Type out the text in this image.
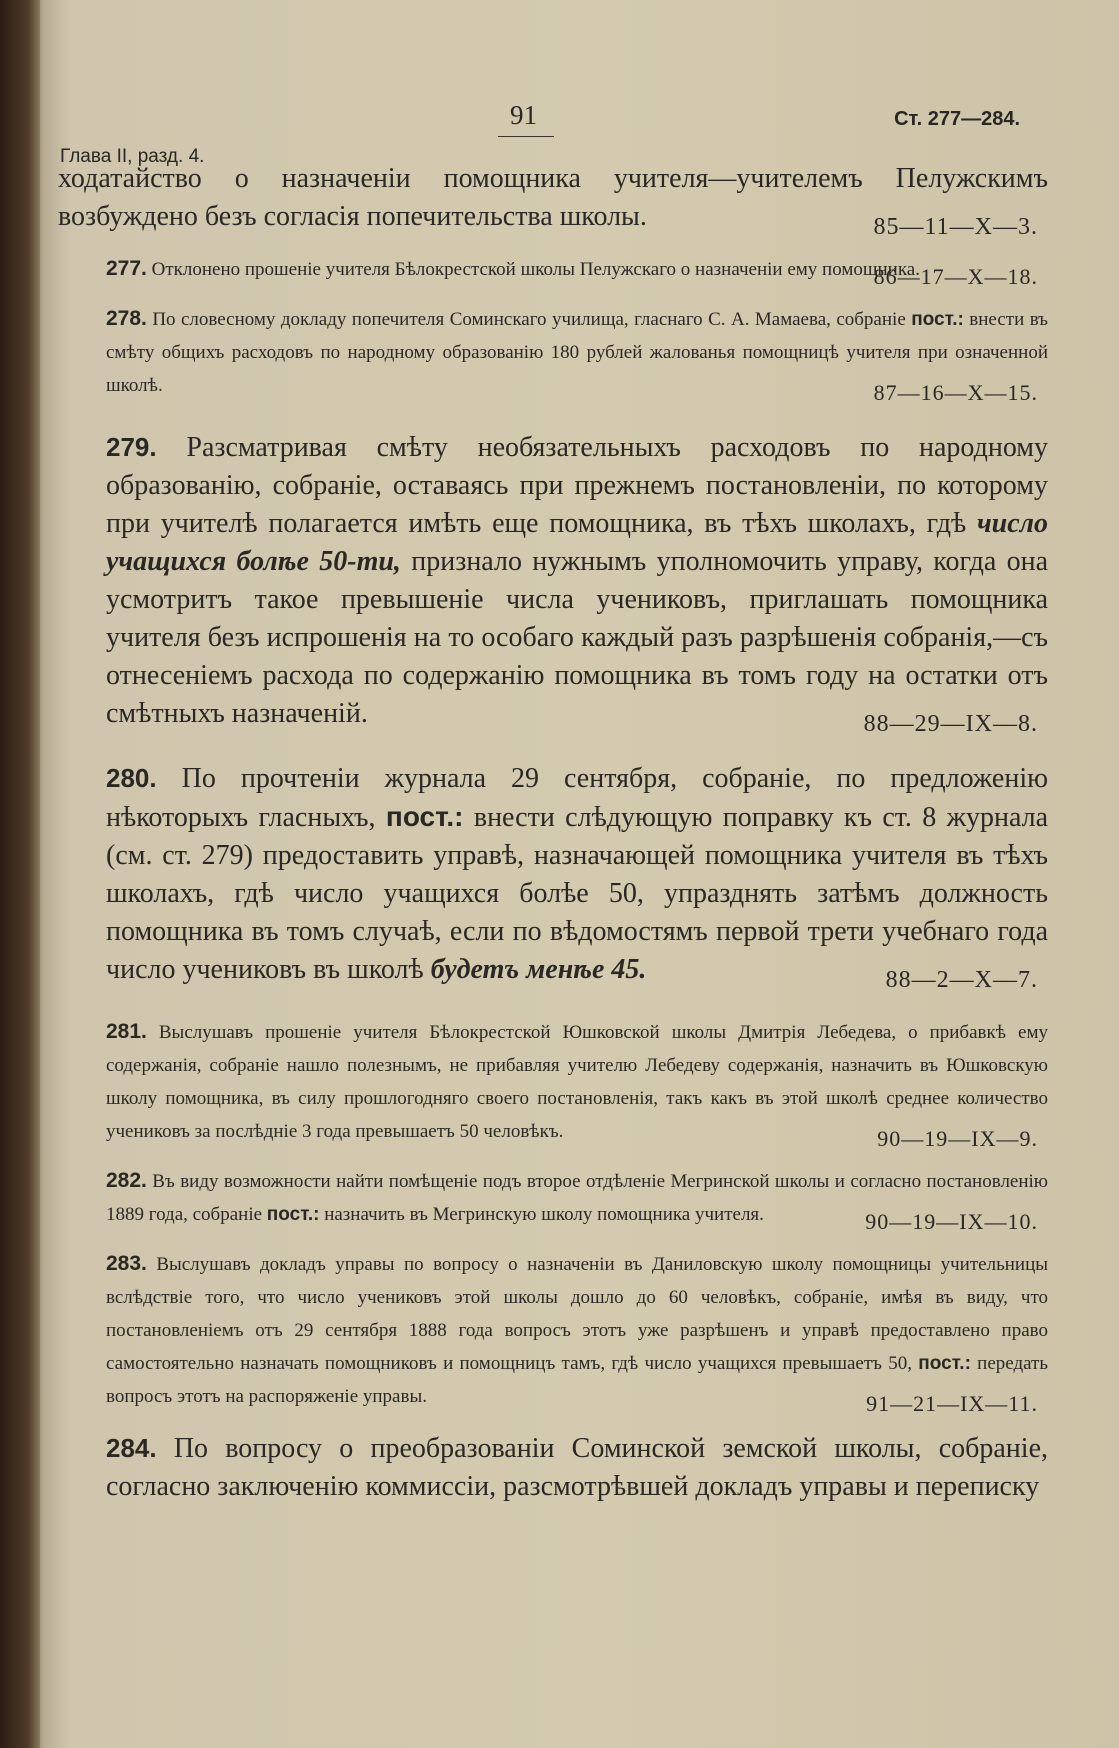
Глава II, разд. 4.
91	Ст. 277—284.

ходатайство о назначеніи помощника учителя—учителемъ Пелужскимъ возбуждено безъ согласія попечительства школы.	85—11—X—3.

277. Отклонено прошеніе учителя Бѣлокрестской школы Пелужскаго о назначеніи ему помощника.
86—17—X—18.

278. По словесному докладу попечителя Соминскаго училища, гласнаго С. А. Мамаева, собраніе пост.: внести въ смѣту общихъ расходовъ по народному образованію 180 рублей жалованья помощницѣ учителя при означенной школѣ.	87—16—X—15.

279. Разсматривая смѣту необязательныхъ расходовъ по народному образованію, собраніе, оставаясь при прежнемъ постановленіи, по которому при учителѣ полагается имѣть еще помощника, въ тѣхъ школахъ, гдѣ число учащихся болѣе 50-ти, признало нужнымъ уполномочить управу, когда она усмотритъ такое превышеніе числа учениковъ, приглашать помощника учителя безъ испрошенія на то особаго каждый разъ разрѣшенія собранія,—съ отнесеніемъ расхода по содержанію помощника въ томъ году на остатки отъ смѣтныхъ назначеній.	88—29—IX—8.

280. По прочтеніи журнала 29 сентября, собраніе, по предложенію нѣкоторыхъ гласныхъ, пост.: внести слѣдующую поправку къ ст. 8 журнала (см. ст. 279) предоставить управѣ, назначающей помощника учителя въ тѣхъ школахъ, гдѣ число учащихся болѣе 50, упразднять затѣмъ должность помощника въ томъ случаѣ, если по вѣдомостямъ первой трети учебнаго года число учениковъ въ школѣ будетъ менѣе 45.	88—2—X—7.

281. Выслушавъ прошеніе учителя Бѣлокрестской Юшковской школы Дмитрія Лебедева, о прибавкѣ ему содержанія, собраніе нашло полезнымъ, не прибавляя учителю Лебедеву содержанія, назначить въ Юшковскую школу помощника, въ силу прошлогодняго своего постановленія, такъ какъ въ этой школѣ среднее количество учениковъ за послѣдніе 3 года превышаетъ 50 человѣкъ.	90—19—IX—9.

282. Въ виду возможности найти помѣщеніе подъ второе отдѣленіе Мегринской школы и согласно постановленію 1889 года, собраніе пост.: назначить въ Мегринскую школу помощника учителя.	90—19—IX—10.

283. Выслушавъ докладъ управы по вопросу о назначеніи въ Даниловскую школу помощницы учительницы вслѣдствіе того, что число учениковъ этой школы дошло до 60 человѣкъ, собраніе, имѣя въ виду, что постановленіемъ отъ 29 сентября 1888 года вопросъ этотъ уже разрѣшенъ и управѣ предоставлено право самостоятельно назначать помощниковъ и помощницъ тамъ, гдѣ число учащихся превышаетъ 50, пост.: передать вопросъ этотъ на распоряженіе управы.	91—21—IX—11.

284. По вопросу о преобразованіи Соминской земской школы, собраніе, согласно заключенію коммиссіи, разсмотрѣвшей докладъ управы и переписку
